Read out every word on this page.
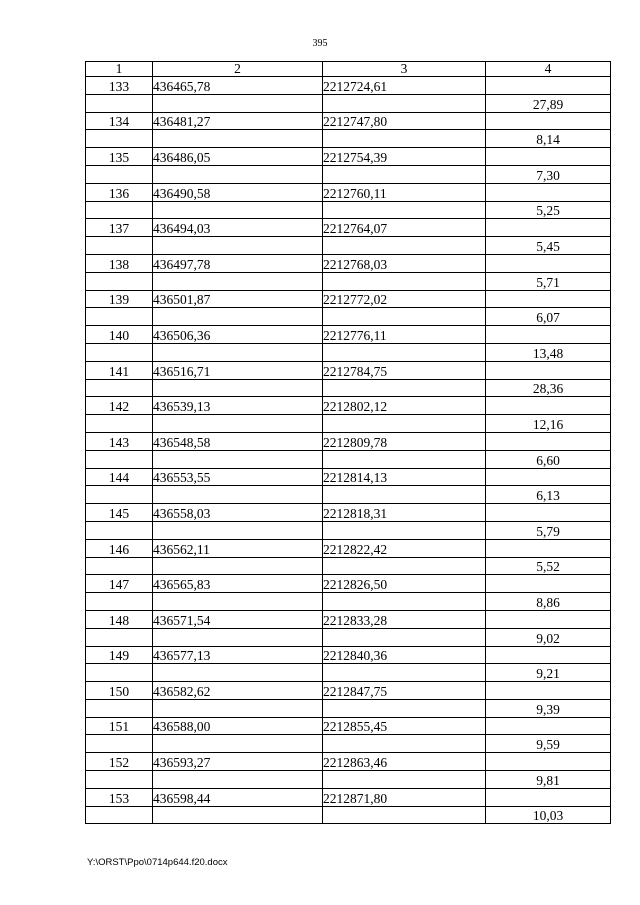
395
1	2	3	4
133	436465,78	2212724,61	
			27,89
134	436481,27	2212747,80	
			8,14
135	436486,05	2212754,39	
			7,30
136	436490,58	2212760,11	
			5,25
137	436494,03	2212764,07	
			5,45
138	436497,78	2212768,03	
			5,71
139	436501,87	2212772,02	
			6,07
140	436506,36	2212776,11	
			13,48
141	436516,71	2212784,75	
			28,36
142	436539,13	2212802,12	
			12,16
143	436548,58	2212809,78	
			6,60
144	436553,55	2212814,13	
			6,13
145	436558,03	2212818,31	
			5,79
146	436562,11	2212822,42	
			5,52
147	436565,83	2212826,50	
			8,86
148	436571,54	2212833,28	
			9,02
149	436577,13	2212840,36	
			9,21
150	436582,62	2212847,75	
			9,39
151	436588,00	2212855,45	
			9,59
152	436593,27	2212863,46	
			9,81
153	436598,44	2212871,80	
			10,03
Y:\ORST\Ppo\0714p644.f20.docx
